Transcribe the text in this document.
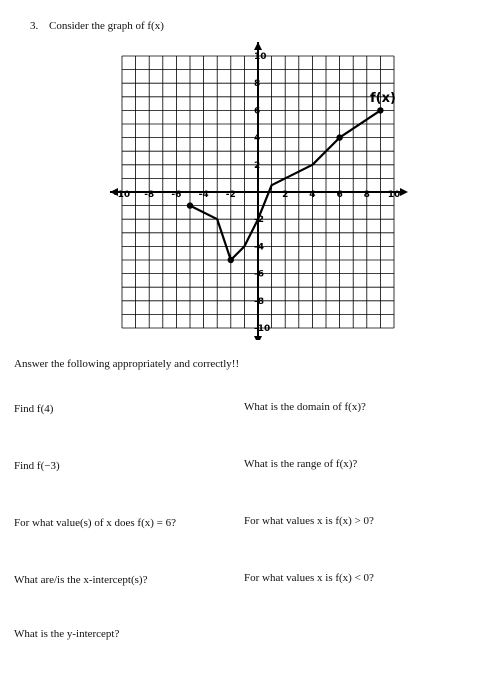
3. Consider the graph of f(x)
-10 -8 -6 -4 -2	2 4 6 8 10
10
8
6
4
2
-2
-4
-6
-8
-10
f(x)
Answer the following appropriately and correctly!!
Find f(4)	What is the domain of f(x)?
Find f(−3)	What is the range of f(x)?
For what value(s) of x does f(x) = 6?	For what values x is f(x) > 0?
What are/is the x-intercept(s)?	For what values x is f(x) < 0?
What is the y-intercept?
